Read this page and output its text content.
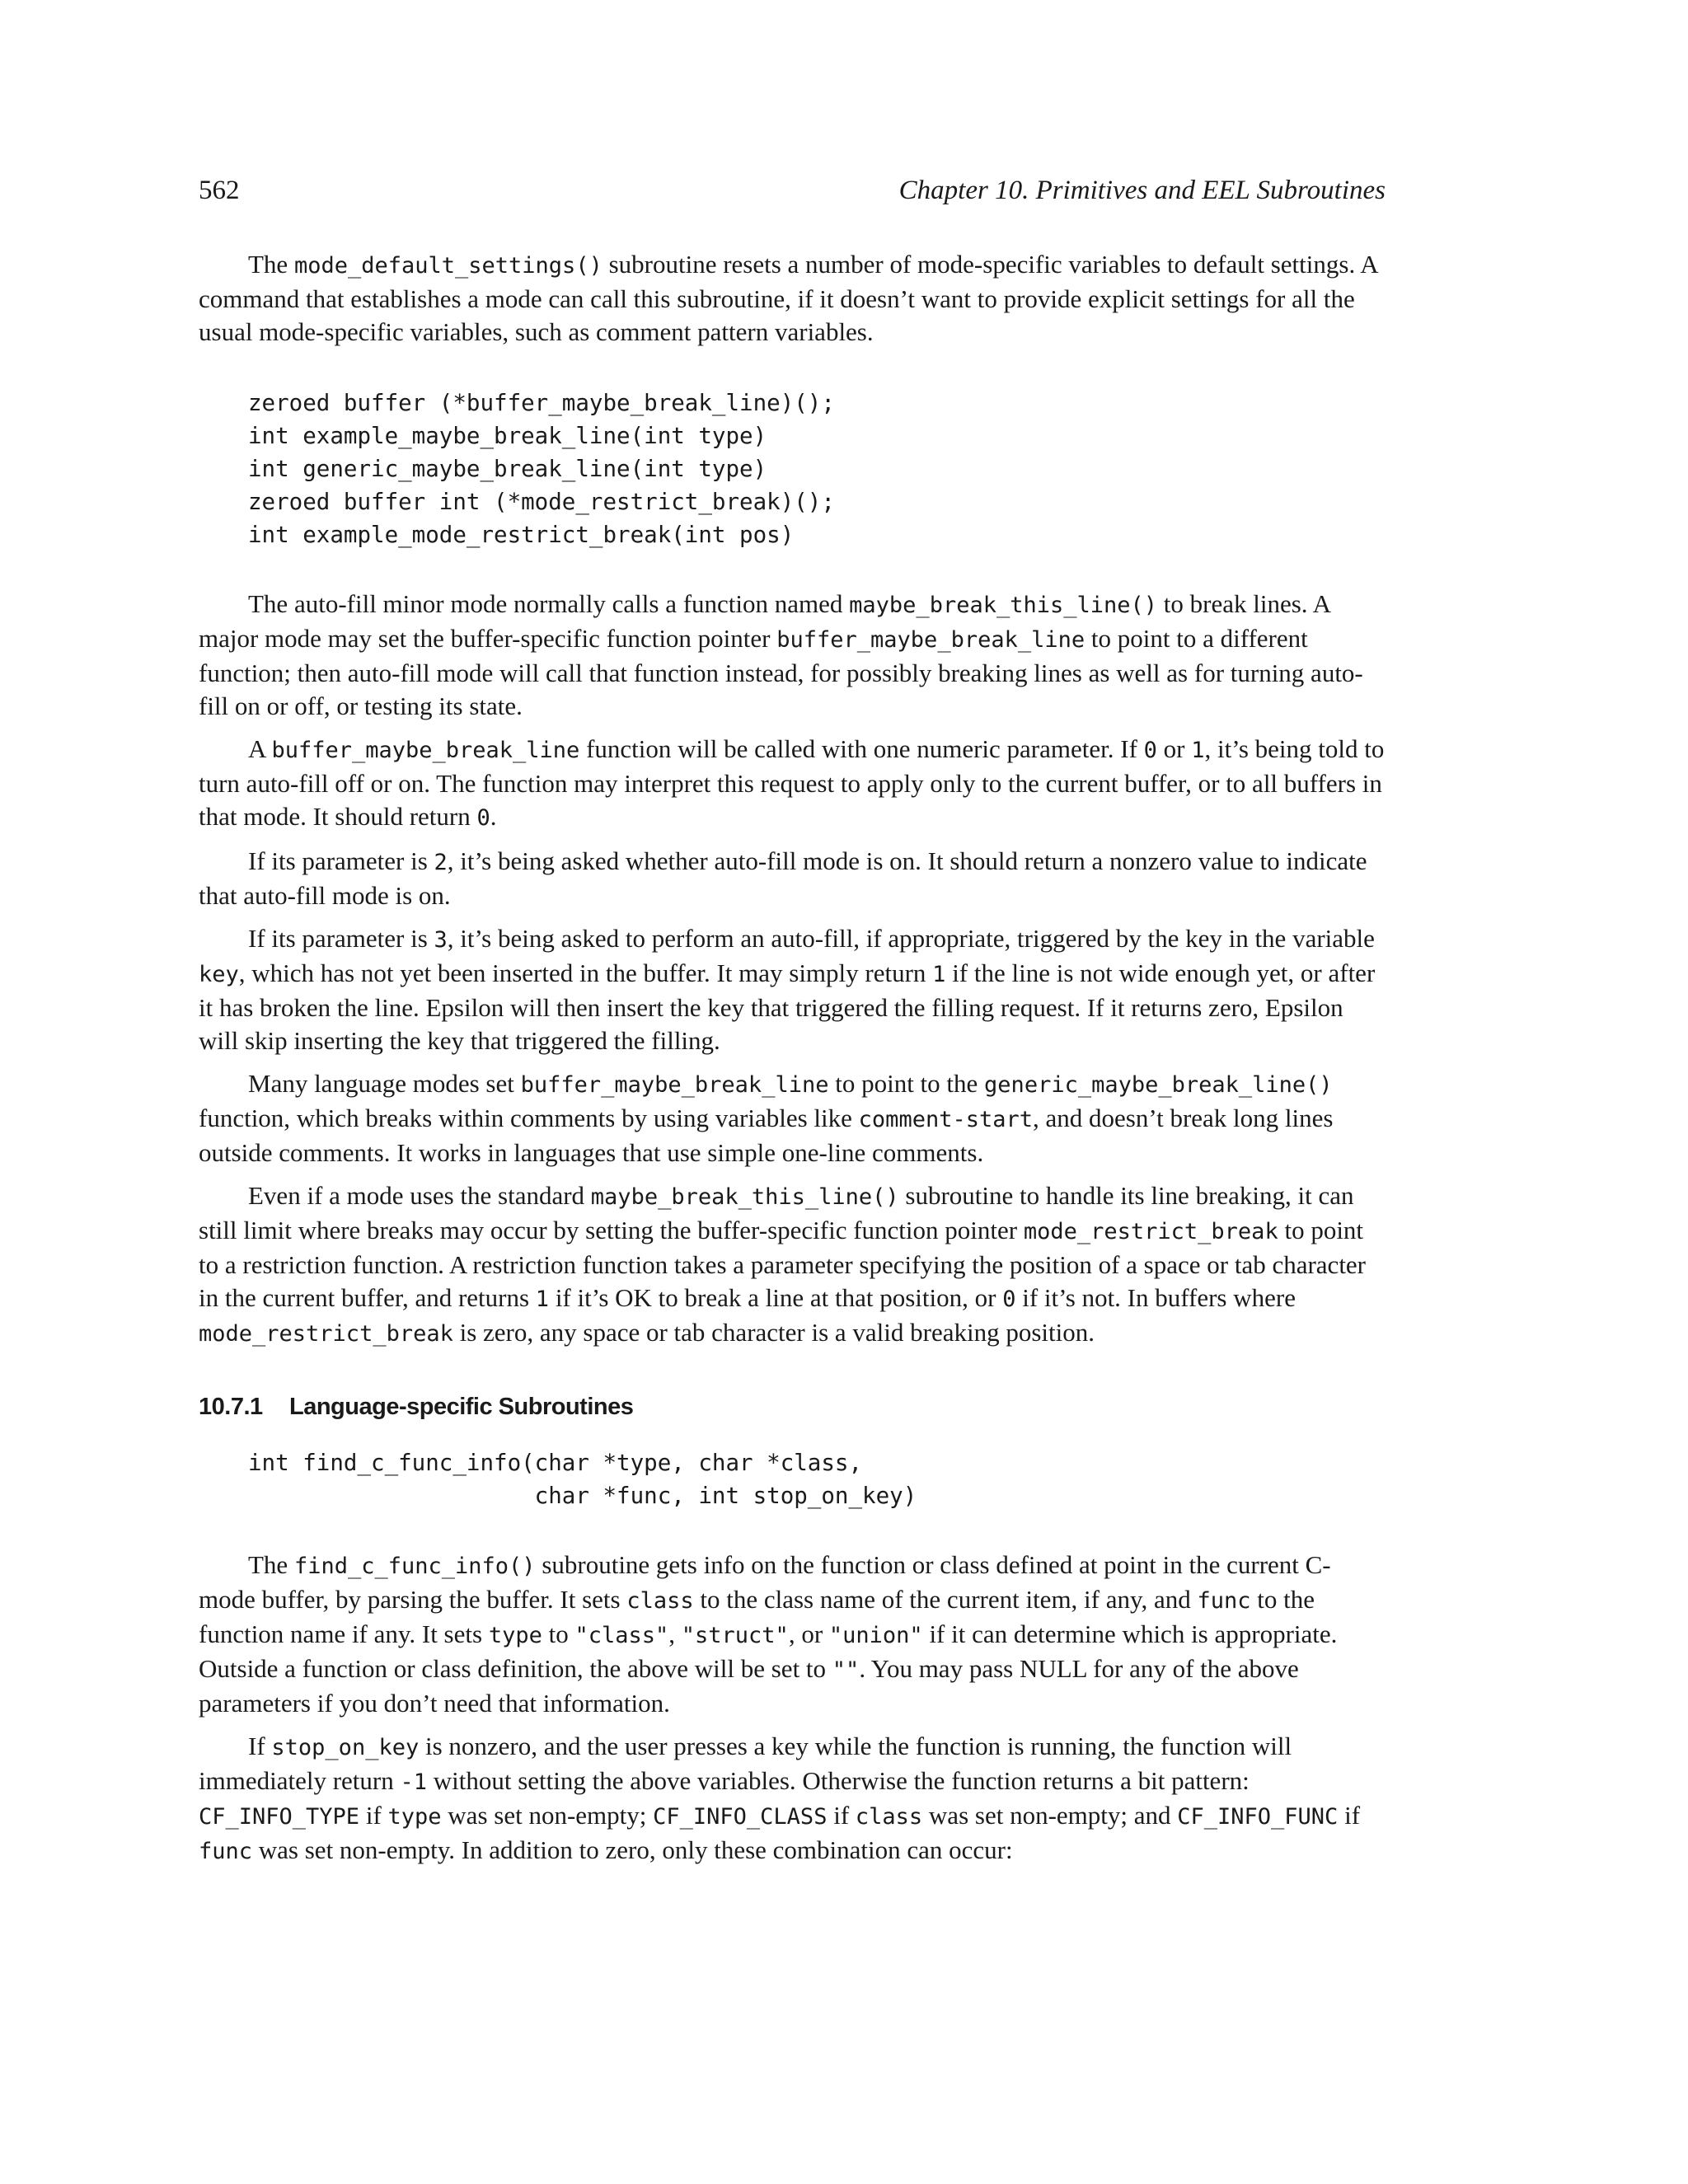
562	Chapter 10. Primitives and EEL Subroutines

The mode_default_settings() subroutine resets a number of mode-specific variables to default settings. A command that establishes a mode can call this subroutine, if it doesn’t want to provide explicit settings for all the usual mode-specific variables, such as comment pattern variables.

zeroed buffer (*buffer_maybe_break_line)();
int example_maybe_break_line(int type)
int generic_maybe_break_line(int type)
zeroed buffer int (*mode_restrict_break)();
int example_mode_restrict_break(int pos)

The auto-fill minor mode normally calls a function named maybe_break_this_line() to break lines. A major mode may set the buffer-specific function pointer buffer_maybe_break_line to point to a different function; then auto-fill mode will call that function instead, for possibly breaking lines as well as for turning auto-fill on or off, or testing its state.

A buffer_maybe_break_line function will be called with one numeric parameter. If 0 or 1, it’s being told to turn auto-fill off or on. The function may interpret this request to apply only to the current buffer, or to all buffers in that mode. It should return 0.

If its parameter is 2, it’s being asked whether auto-fill mode is on. It should return a nonzero value to indicate that auto-fill mode is on.

If its parameter is 3, it’s being asked to perform an auto-fill, if appropriate, triggered by the key in the variable key, which has not yet been inserted in the buffer. It may simply return 1 if the line is not wide enough yet, or after it has broken the line. Epsilon will then insert the key that triggered the filling request. If it returns zero, Epsilon will skip inserting the key that triggered the filling.

Many language modes set buffer_maybe_break_line to point to the generic_maybe_break_line() function, which breaks within comments by using variables like comment-start, and doesn’t break long lines outside comments. It works in languages that use simple one-line comments.

Even if a mode uses the standard maybe_break_this_line() subroutine to handle its line breaking, it can still limit where breaks may occur by setting the buffer-specific function pointer mode_restrict_break to point to a restriction function. A restriction function takes a parameter specifying the position of a space or tab character in the current buffer, and returns 1 if it’s OK to break a line at that position, or 0 if it’s not. In buffers where mode_restrict_break is zero, any space or tab character is a valid breaking position.

10.7.1 Language-specific Subroutines
int find_c_func_info(char *type, char *class,
char *func, int stop_on_key)

The find_c_func_info() subroutine gets info on the function or class defined at point in the current C-mode buffer, by parsing the buffer. It sets class to the class name of the current item, if any, and func to the function name if any. It sets type to "class", "struct", or "union" if it can determine which is appropriate. Outside a function or class definition, the above will be set to "". You may pass NULL for any of the above parameters if you don’t need that information.

If stop_on_key is nonzero, and the user presses a key while the function is running, the function will immediately return -1 without setting the above variables. Otherwise the function returns a bit pattern: CF_INFO_TYPE if type was set non-empty; CF_INFO_CLASS if class was set non-empty; and CF_INFO_FUNC if func was set non-empty. In addition to zero, only these combination can occur:
